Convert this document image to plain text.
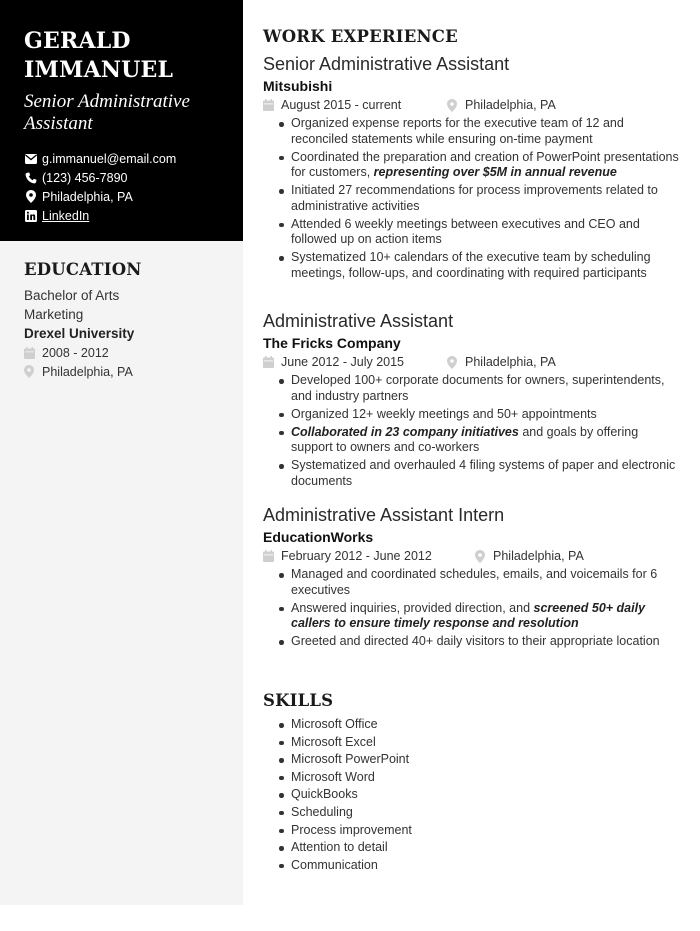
GERALD
IMMANUEL
Senior Administrative
Assistant
g.immanuel@email.com
(123) 456-7890
Philadelphia, PA
LinkedIn
EDUCATION
Bachelor of Arts
Marketing
Drexel University
2008 - 2012
Philadelphia, PA
WORK EXPERIENCE
Senior Administrative Assistant
Mitsubishi
August 2015 - current	Philadelphia, PA
Organized expense reports for the executive team of 12 and reconciled statements while ensuring on-time payment
Coordinated the preparation and creation of PowerPoint presentations for customers, representing over $5M in annual revenue
Initiated 27 recommendations for process improvements related to administrative activities
Attended 6 weekly meetings between executives and CEO and followed up on action items
Systematized 10+ calendars of the executive team by scheduling meetings, follow-ups, and coordinating with required participants
Administrative Assistant
The Fricks Company
June 2012 - July 2015	Philadelphia, PA
Developed 100+ corporate documents for owners, superintendents, and industry partners
Organized 12+ weekly meetings and 50+ appointments
Collaborated in 23 company initiatives and goals by offering support to owners and co-workers
Systematized and overhauled 4 filing systems of paper and electronic documents
Administrative Assistant Intern
EducationWorks
February 2012 - June 2012	Philadelphia, PA
Managed and coordinated schedules, emails, and voicemails for 6 executives
Answered inquiries, provided direction, and screened 50+ daily callers to ensure timely response and resolution
Greeted and directed 40+ daily visitors to their appropriate location
SKILLS
Microsoft Office
Microsoft Excel
Microsoft PowerPoint
Microsoft Word
QuickBooks
Scheduling
Process improvement
Attention to detail
Communication
